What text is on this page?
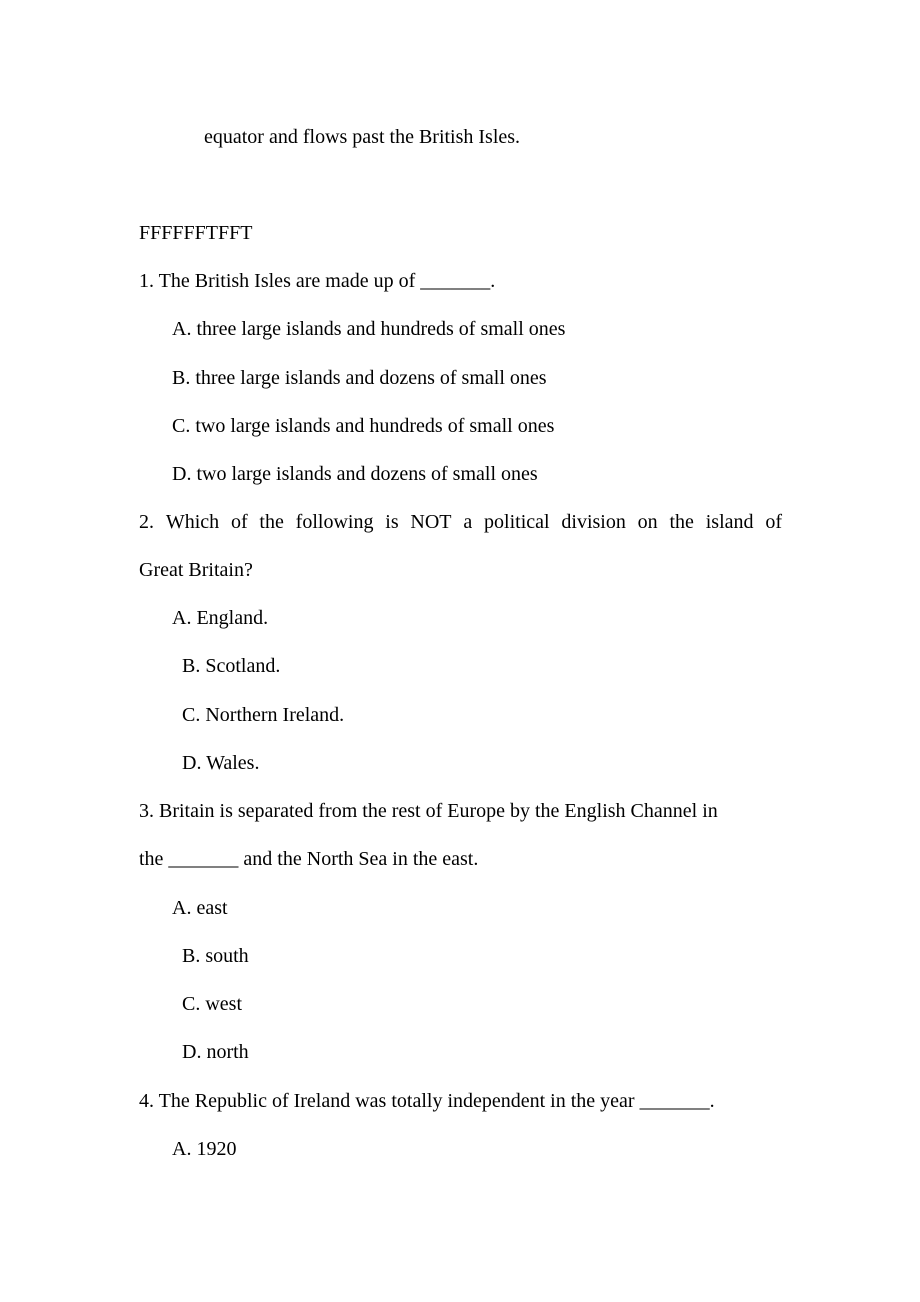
equator and flows past the British Isles.
FFFFFFTFFT
1. The British Isles are made up of _______.
A. three large islands and hundreds of small ones
B. three large islands and dozens of small ones
C. two large islands and hundreds of small ones
D. two large islands and dozens of small ones
2. Which of the following is NOT a political division on the island of
Great Britain?
A. England.
B. Scotland.
C. Northern Ireland.
D. Wales.
3. Britain is separated from the rest of Europe by the English Channel in
the _______ and the North Sea in the east.
A. east
B. south
C. west
D. north
4. The Republic of Ireland was totally independent in the year _______.
A. 1920
